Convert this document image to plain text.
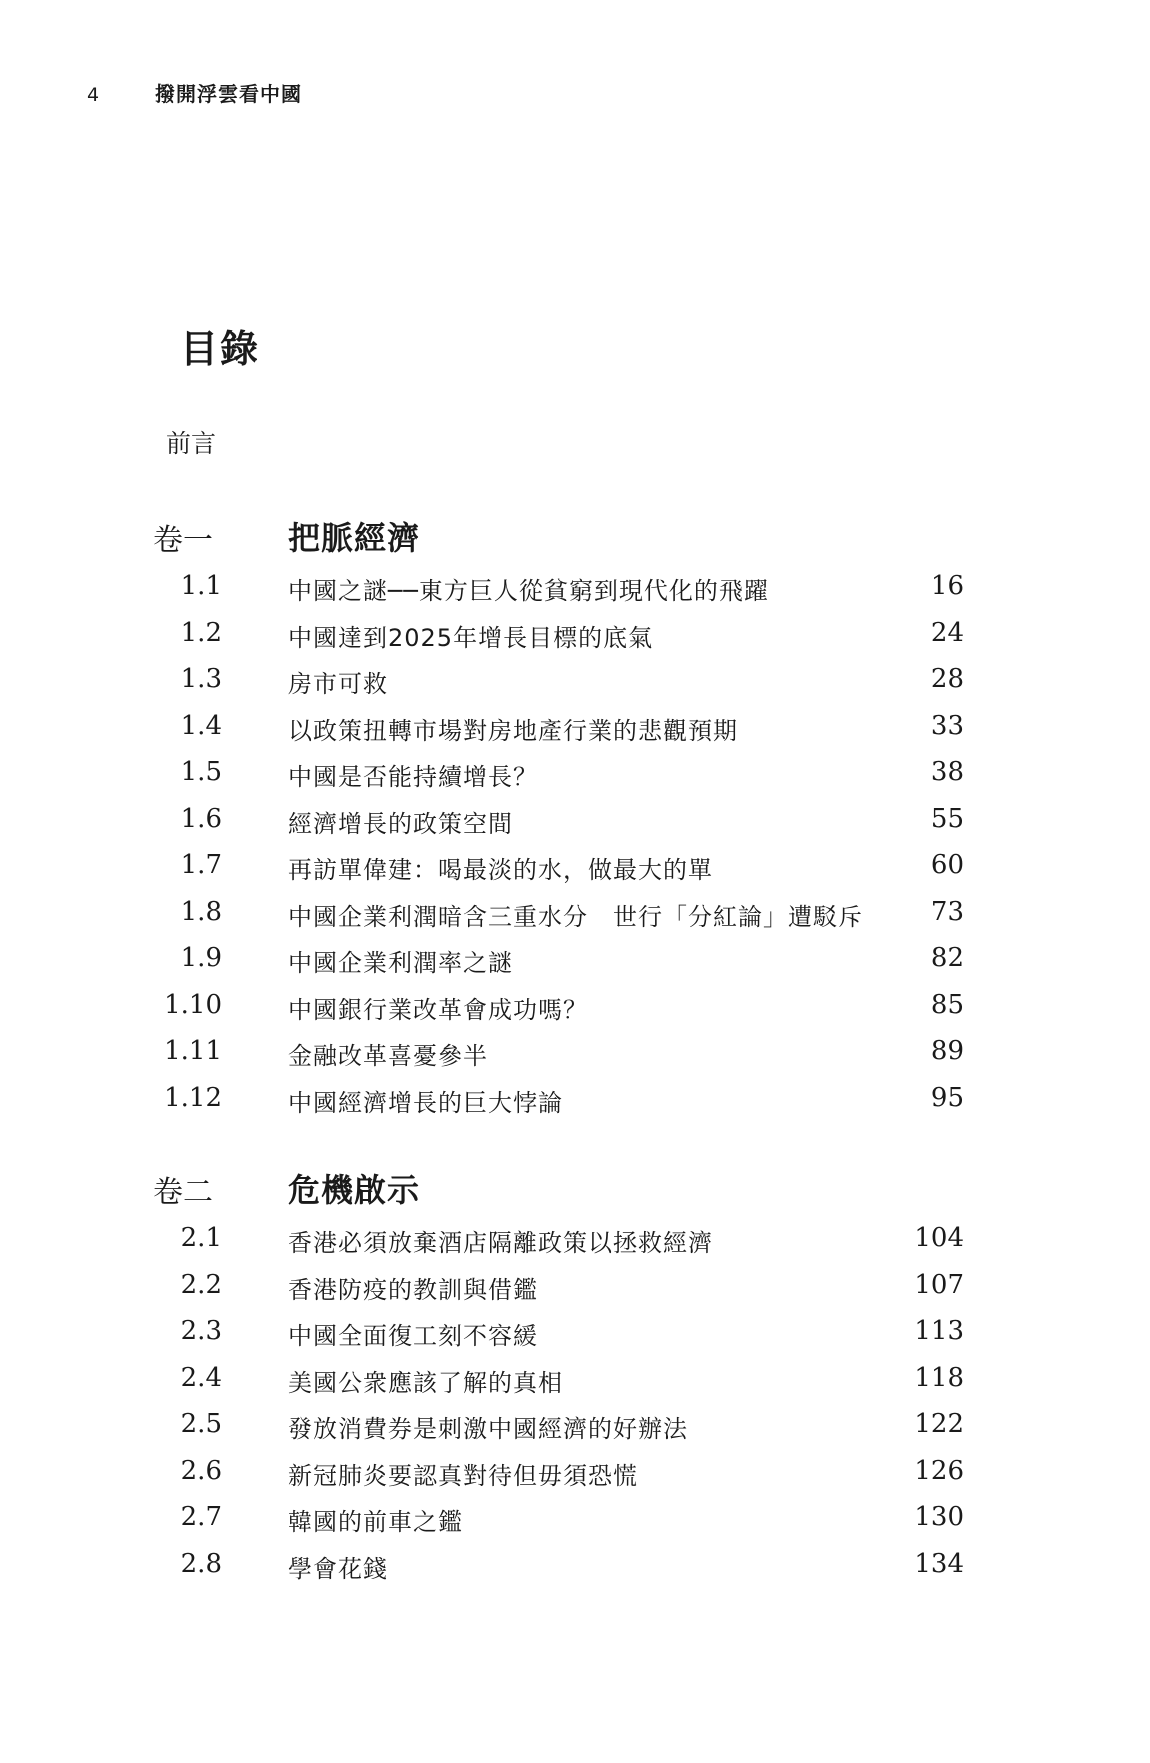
4	撥開浮雲看中國
目錄
前言
卷一 把脈經濟
1.1	中國之謎──東方巨人從貧窮到現代化的飛躍	16
1.2	中國達到2025年增長目標的底氣	24
1.3	房市可救	28
1.4	以政策扭轉市場對房地產行業的悲觀預期	33
1.5	中國是否能持續增長？	38
1.6	經濟增長的政策空間	55
1.7	再訪單偉建：喝最淡的水，做最大的單	60
1.8	中國企業利潤暗含三重水分　世行「分紅論」遭駁斥	73
1.9	中國企業利潤率之謎	82
1.10	中國銀行業改革會成功嗎？	85
1.11	金融改革喜憂參半	89
1.12	中國經濟增長的巨大悖論	95
卷二 危機啟示
2.1	香港必須放棄酒店隔離政策以拯救經濟	104
2.2	香港防疫的教訓與借鑑	107
2.3	中國全面復工刻不容緩	113
2.4	美國公衆應該了解的真相	118
2.5	發放消費券是刺激中國經濟的好辦法	122
2.6	新冠肺炎要認真對待但毋須恐慌	126
2.7	韓國的前車之鑑	130
2.8	學會花錢	134
